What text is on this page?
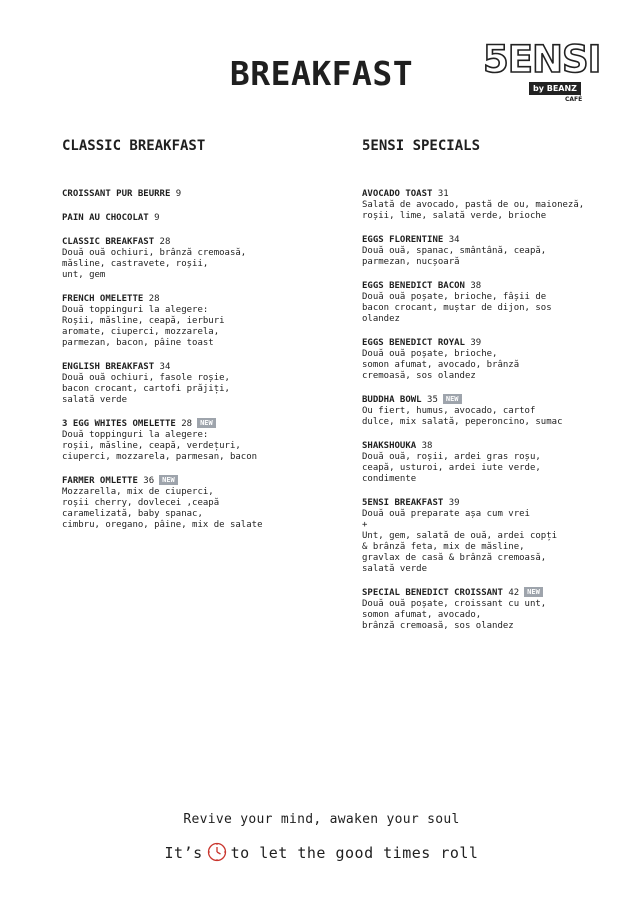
BREAKFAST	5ENSI
by BEANZ
CAFÉ
CLASSIC BREAKFAST
CROISSANT PUR BEURRE 9
PAIN AU CHOCOLAT 9
CLASSIC BREAKFAST 28
Două ouă ochiuri, brânză cremoasă,
măsline, castravete, roșii,
unt, gem
FRENCH OMELETTE 28
Două toppinguri la alegere:
Roșii, măsline, ceapă, ierburi
aromate, ciuperci, mozzarela,
parmezan, bacon, pâine toast
ENGLISH BREAKFAST 34
Două ouă ochiuri, fasole roșie,
bacon crocant, cartofi prăjiți,
salată verde
3 EGG WHITES OMELETTE 28 NEW
Două toppinguri la alegere:
roșii, măsline, ceapă, verdețuri,
ciuperci, mozzarela, parmesan, bacon
FARMER OMLETTE 36 NEW
Mozzarella, mix de ciuperci,
roșii cherry, dovlecei ,ceapă
caramelizată, baby spanac,
cimbru, oregano, pâine, mix de salate
5ENSI SPECIALS
AVOCADO TOAST 31
Salată de avocado, pastă de ou, maioneză,
roșii, lime, salată verde, brioche
EGGS FLORENTINE 34
Două ouă, spanac, smântână, ceapă,
parmezan, nucșoară
EGGS BENEDICT BACON 38
Două ouă poșate, brioche, fâșii de
bacon crocant, muștar de dijon, sos
olandez
EGGS BENEDICT ROYAL 39
Două ouă poșate, brioche,
somon afumat, avocado, brânză
cremoasă, sos olandez
BUDDHA BOWL 35 NEW
Ou fiert, humus, avocado, cartof
dulce, mix salată, peperoncino, sumac
SHAKSHOUKA 38
Două ouă, roșii, ardei gras roșu,
ceapă, usturoi, ardei iute verde,
condimente
5ENSI BREAKFAST 39
Două ouă preparate așa cum vrei
+
Unt, gem, salată de ouă, ardei copți
& brânză feta, mix de măsline,
gravlax de casă & brânză cremoasă,
salată verde
SPECIAL BENEDICT CROISSANT 42 NEW
Două ouă poșate, croissant cu unt,
somon afumat, avocado,
brânză cremoasă, sos olandez
Revive your mind, awaken your soul
It’s to let the good times roll
